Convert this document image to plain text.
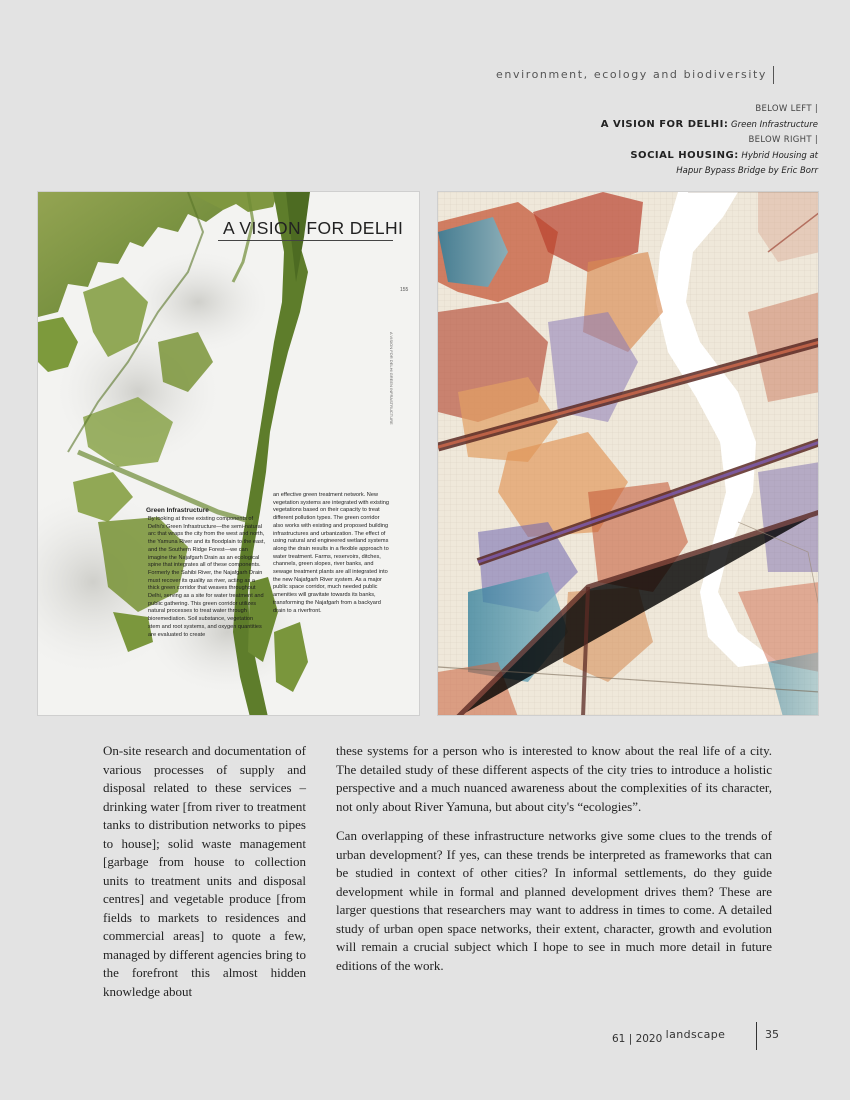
environment, ecology and biodiversity
BELOW LEFT |
A VISION FOR DELHI: Green Infrastructure
BELOW RIGHT |
SOCIAL HOUSING: Hybrid Housing at
Hapur Bypass Bridge by Eric Borr
A VISION FOR DELHI
155
A VISION FOR DELHI GREEN INFRASTRUCTURE
Green Infrastructure
By looking at three existing components of Delhi's Green Infrastructure—the semi-natural arc that wraps the city from the west and north, the Yamuna River and its floodplain to the east, and the Southern Ridge Forest—we can imagine the Najafgarh Drain as an ecological spine that integrates all of these components. Formerly the Sahibi River, the Najafgarh Drain must recover its quality as river, acting as a thick green corridor that weaves throughout Delhi, serving as a site for water treatment and public gathering. This green corridor utilizes natural processes to treat water through bioremediation. Soil substance, vegetation stem and root systems, and oxygen quantities are evaluated to create
an effective green treatment network. New vegetation systems are integrated with existing vegetations based on their capacity to treat different pollution types. The green corridor also works with existing and proposed building infrastructures and urbanization. The effect of using natural and engineered wetland systems along the drain results in a flexible approach to water treatment. Farms, reservoirs, ditches, channels, green slopes, river banks, and sewage treatment plants are all integrated into the new Najafgarh River system. As a major public space corridor, much needed public amenities will gravitate towards its banks, transforming the Najafgarh from a backyard drain to a riverfront.
On-site research and documentation of various processes of supply and disposal related to these services – drinking water [from river to treatment tanks to distribution networks to pipes to house]; solid waste management [garbage from house to collection units to treatment units and disposal centres] and vegetable produce [from fields to markets to residences and commercial areas] to quote a few, managed by different agencies bring to the forefront this almost hidden knowledge about

these systems for a person who is interested to know about the real life of a city. The detailed study of these different aspects of the city tries to introduce a holistic perspective and a much nuanced awareness about the complexities of its character, not only about River Yamuna, but about city's “ecologies”.

Can overlapping of these infrastructure networks give some clues to the trends of urban development? If yes, can these trends be interpreted as frameworks that can be studied in context of other cities? In informal settlements, do they guide development while in formal and planned development drives them? These are larger questions that researchers may want to address in times to come. A detailed study of urban open space networks, their extent, character, growth and evolution will remain a crucial subject which I hope to see in much more detail in future editions of the work.

61 | 2020 landscape	35
